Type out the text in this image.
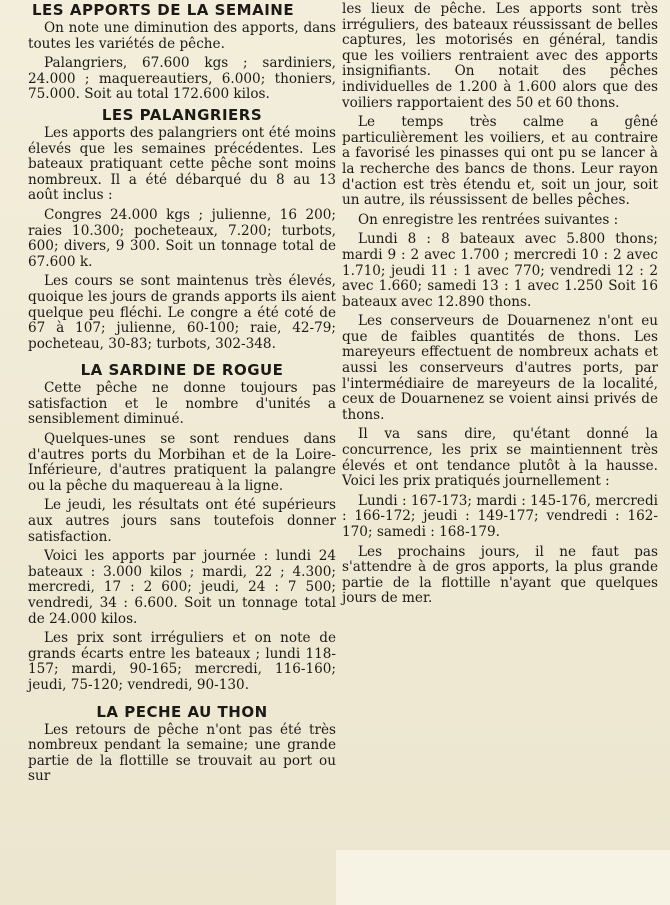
LES APPORTS DE LA SEMAINE

On note une diminution des apports, dans toutes les variétés de pêche.

Palangriers, 67.600 kgs ; sardiniers, 24.000 ; maquereautiers, 6.000; thoniers, 75.000. Soit au total 172.600 kilos.

LES PALANGRIERS

Les apports des palangriers ont été moins élevés que les semaines précédentes. Les bateaux pratiquant cette pêche sont moins nombreux. Il a été débarqué du 8 au 13 août inclus :

Congres 24.000 kgs ; julienne, 16 200; raies 10.300; pocheteaux, 7.200; turbots, 600; divers, 9 300. Soit un tonnage total de 67.600 k.

Les cours se sont maintenus très élevés, quoique les jours de grands apports ils aient quelque peu fléchi. Le congre a été coté de 67 à 107; julienne, 60-100; raie, 42-79; pocheteau, 30-83; turbots, 302-348.

LA SARDINE DE ROGUE

Cette pêche ne donne toujours pas satisfaction et le nombre d'unités a sensiblement diminué.

Quelques-unes se sont rendues dans d'autres ports du Morbihan et de la Loire-Inférieure, d'autres pratiquent la palangre ou la pêche du maquereau à la ligne.

Le jeudi, les résultats ont été supérieurs aux autres jours sans toutefois donner satisfaction.

Voici les apports par journée : lundi 24 bateaux : 3.000 kilos ; mardi, 22 ; 4.300; mercredi, 17 : 2 600; jeudi, 24 : 7 500; vendredi, 34 : 6.600. Soit un tonnage total de 24.000 kilos.

Les prix sont irréguliers et on note de grands écarts entre les bateaux ; lundi 118-157; mardi, 90-165; mercredi, 116-160; jeudi, 75-120; vendredi, 90-130.

LA PECHE AU THON

Les retours de pêche n'ont pas été très nombreux pendant la semaine; une grande partie de la flottille se trouvait au port ou sur

les lieux de pêche. Les apports sont très irréguliers, des bateaux réussissant de belles captures, les motorisés en général, tandis que les voiliers rentraient avec des apports insignifiants. On notait des pêches individuelles de 1.200 à 1.600 alors que des voiliers rapportaient des 50 et 60 thons.

Le temps très calme a gêné particulièrement les voiliers, et au contraire a favorisé les pinasses qui ont pu se lancer à la recherche des bancs de thons. Leur rayon d'action est très étendu et, soit un jour, soit un autre, ils réussissent de belles pêches.

On enregistre les rentrées suivantes :

Lundi 8 : 8 bateaux avec 5.800 thons; mardi 9 : 2 avec 1.700 ; mercredi 10 : 2 avec 1.710; jeudi 11 : 1 avec 770; vendredi 12 : 2 avec 1.660; samedi 13 : 1 avec 1.250 Soit 16 bateaux avec 12.890 thons.

Les conserveurs de Douarnenez n'ont eu que de faibles quantités de thons. Les mareyeurs effectuent de nombreux achats et aussi les conserveurs d'autres ports, par l'intermédiaire de mareyeurs de la localité, ceux de Douarnenez se voient ainsi privés de thons.

Il va sans dire, qu'étant donné la concurrence, les prix se maintiennent très élevés et ont tendance plutôt à la hausse. Voici les prix pratiqués journellement :

Lundi : 167-173; mardi : 145-176, mercredi : 166-172; jeudi : 149-177; vendredi : 162-170; samedi : 168-179.

Les prochains jours, il ne faut pas s'attendre à de gros apports, la plus grande partie de la flottille n'ayant que quelques jours de mer.
